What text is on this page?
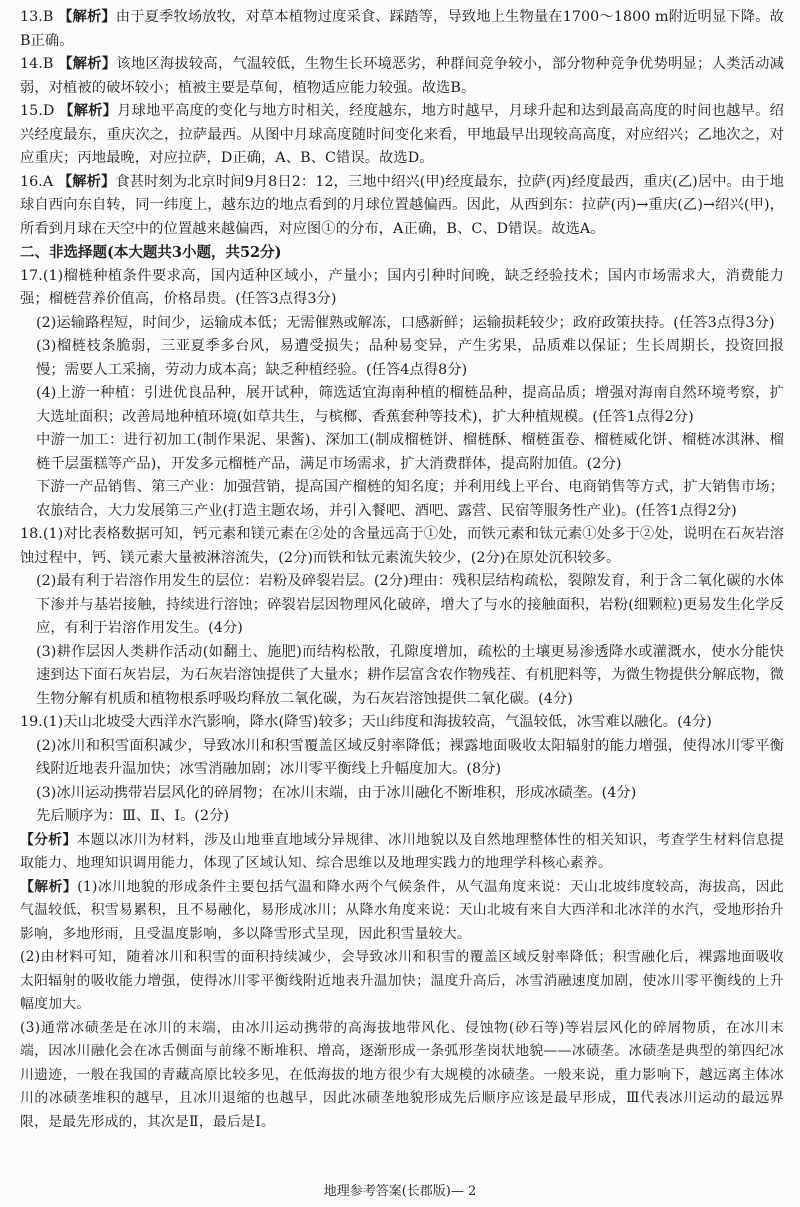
13.B 【解析】由于夏季牧场放牧，对草本植物过度采食、踩踏等，导致地上生物量在1700～1800 m附近明显下降。故B正确。

14.B 【解析】该地区海拔较高，气温较低，生物生长环境恶劣，种群间竞争较小，部分物种竞争优势明显；人类活动减弱，对植被的破坏较小；植被主要是草甸，植物适应能力较强。故选B。

15.D 【解析】月球地平高度的变化与地方时相关，经度越东，地方时越早，月球升起和达到最高高度的时间也越早。绍兴经度最东，重庆次之，拉萨最西。从图中月球高度随时间变化来看，甲地最早出现较高高度，对应绍兴；乙地次之，对应重庆；丙地最晚，对应拉萨，D正确，A、B、C错误。故选D。

16.A 【解析】食甚时刻为北京时间9月8日2：12，三地中绍兴(甲)经度最东，拉萨(丙)经度最西，重庆(乙)居中。由于地球自西向东自转，同一纬度上，越东边的地点看到的月球位置越偏西。因此，从西到东：拉萨(丙)→重庆(乙)→绍兴(甲)，所看到月球在天空中的位置越来越偏西，对应图①的分布，A正确，B、C、D错误。故选A。

二、非选择题(本大题共3小题，共52分)

17.(1)榴梿种植条件要求高，国内适种区域小，产量小；国内引种时间晚，缺乏经验技术；国内市场需求大，消费能力强；榴梿营养价值高，价格昂贵。(任答3点得3分)

(2)运输路程短，时间少，运输成本低；无需催熟或解冻，口感新鲜；运输损耗较少；政府政策扶持。(任答3点得3分)

(3)榴梿枝条脆弱，三亚夏季多台风，易遭受损失；品种易变异，产生劣果，品质难以保证；生长周期长，投资回报慢；需要人工采摘，劳动力成本高；缺乏种植经验。(任答4点得8分)

(4)上游一种植：引进优良品种，展开试种，筛选适宜海南种植的榴梿品种，提高品质；增强对海南自然环境考察，扩大选址面积；改善局地种植环境(如草共生，与槟榔、香蕉套种等技术)，扩大种植规模。(任答1点得2分)

中游一加工：进行初加工(制作果泥、果酱)、深加工(制成榴梿饼、榴梿酥、榴梿蛋卷、榴梿威化饼、榴梿冰淇淋、榴梿千层蛋糕等产品)，开发多元榴梿产品，满足市场需求，扩大消费群体，提高附加值。(2分)

下游一产品销售、第三产业：加强营销，提高国产榴梿的知名度；并利用线上平台、电商销售等方式，扩大销售市场；农旅结合，大力发展第三产业(打造主题农场，并引入餐吧、酒吧、露营、民宿等服务性产业)。(任答1点得2分)

18.(1)对比表格数据可知，钙元素和镁元素在②处的含量远高于①处，而铁元素和钛元素①处多于②处，说明在石灰岩溶蚀过程中，钙、镁元素大量被淋溶流失，(2分)而铁和钛元素流失较少，(2分)在原处沉积较多。

(2)最有利于岩溶作用发生的层位：岩粉及碎裂岩层。(2分)理由：残积层结构疏松，裂隙发育，利于含二氧化碳的水体下渗并与基岩接触，持续进行溶蚀；碎裂岩层因物理风化破碎，增大了与水的接触面积，岩粉(细颗粒)更易发生化学反应，有利于岩溶作用发生。(4分)

(3)耕作层因人类耕作活动(如翻土、施肥)而结构松散，孔隙度增加，疏松的土壤更易渗透降水或灌溉水，使水分能快速到达下面石灰岩层，为石灰岩溶蚀提供了大量水；耕作层富含农作物残茬、有机肥料等，为微生物提供分解底物，微生物分解有机质和植物根系呼吸均释放二氧化碳，为石灰岩溶蚀提供二氧化碳。(4分)

19.(1)天山北坡受大西洋水汽影响，降水(降雪)较多；天山纬度和海拔较高，气温较低，冰雪难以融化。(4分)

(2)冰川和积雪面积减少，导致冰川和积雪覆盖区域反射率降低；裸露地面吸收太阳辐射的能力增强，使得冰川零平衡线附近地表升温加快；冰雪消融加剧；冰川零平衡线上升幅度加大。(8分)

(3)冰川运动携带岩层风化的碎屑物；在冰川末端，由于冰川融化不断堆积，形成冰碛垄。(4分)

先后顺序为：Ⅲ、Ⅱ、Ⅰ。(2分)

【分析】本题以冰川为材料，涉及山地垂直地域分异规律、冰川地貌以及自然地理整体性的相关知识，考查学生材料信息提取能力、地理知识调用能力，体现了区域认知、综合思维以及地理实践力的地理学科核心素养。

【解析】(1)冰川地貌的形成条件主要包括气温和降水两个气候条件，从气温角度来说：天山北坡纬度较高，海拔高，因此气温较低，积雪易累积，且不易融化，易形成冰川；从降水角度来说：天山北坡有来自大西洋和北冰洋的水汽，受地形抬升影响，多地形雨，且受温度影响，多以降雪形式呈现，因此积雪量较大。

(2)由材料可知，随着冰川和积雪的面积持续减少，会导致冰川和积雪的覆盖区域反射率降低；积雪融化后，裸露地面吸收太阳辐射的吸收能力增强，使得冰川零平衡线附近地表升温加快；温度升高后，冰雪消融速度加剧，使冰川零平衡线的上升幅度加大。

(3)通常冰碛垄是在冰川的末端，由冰川运动携带的高海拔地带风化、侵蚀物(砂石等)等岩层风化的碎屑物质，在冰川末端，因冰川融化会在冰舌侧面与前缘不断堆积、增高，逐渐形成一条弧形垄岗状地貌——冰碛垄。冰碛垄是典型的第四纪冰川遗迹，一般在我国的青藏高原比较多见，在低海拔的地方很少有大规模的冰碛垄。一般来说，重力影响下，越远离主体冰川的冰碛垄堆积的越早，且冰川退缩的也越早，因此冰碛垄地貌形成先后顺序应该是最早形成，Ⅲ代表冰川运动的最远界限，是最先形成的，其次是Ⅱ，最后是Ⅰ。

地理参考答案(长郡版)— 2
